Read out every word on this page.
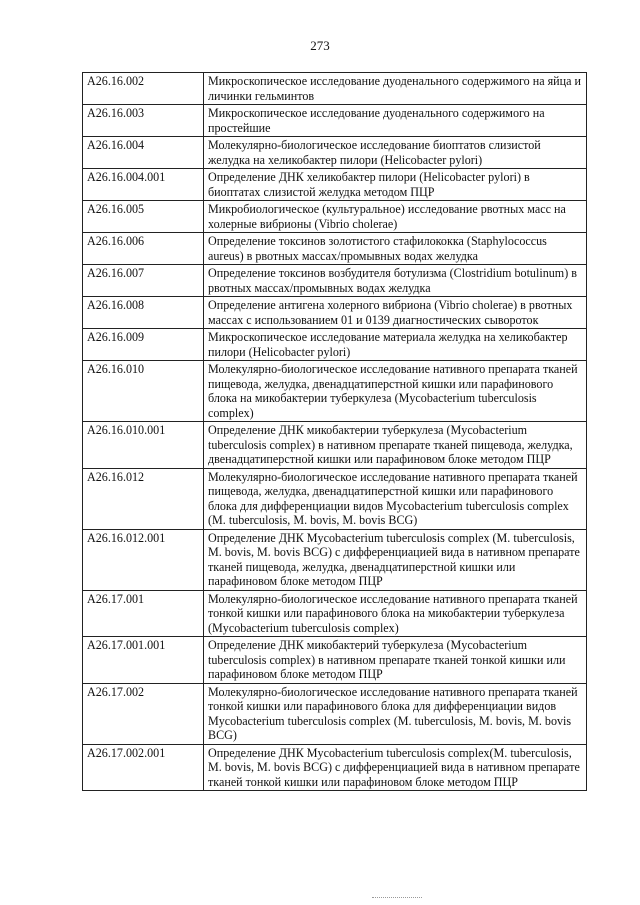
273
A26.16.002	Микроскопическое исследование дуоденального содержимого на яйца и личинки гельминтов
A26.16.003	Микроскопическое исследование дуоденального содержимого на простейшие
A26.16.004	Молекулярно-биологическое исследование биоптатов слизистой желудка на хеликобактер пилори (Helicobacter pylori)
A26.16.004.001	Определение ДНК хеликобактер пилори (Helicobacter pylori) в биоптатах слизистой желудка методом ПЦР
A26.16.005	Микробиологическое (культуральное) исследование рвотных масс на холерные вибрионы (Vibrio cholerae)
A26.16.006	Определение токсинов золотистого стафилококка (Staphylococcus aureus) в рвотных массах/промывных водах желудка
A26.16.007	Определение токсинов возбудителя ботулизма (Clostridium botulinum) в рвотных массах/промывных водах желудка
A26.16.008	Определение антигена холерного вибриона (Vibrio cholerae) в рвотных массах с использованием 01 и 0139 диагностических сывороток
A26.16.009	Микроскопическое исследование материала желудка на хеликобактер пилори (Helicobacter pylori)
A26.16.010	Молекулярно-биологическое исследование нативного препарата тканей пищевода, желудка, двенадцатиперстной кишки или парафинового блока на микобактерии туберкулеза (Mycobacterium tuberculosis complex)
A26.16.010.001	Определение ДНК микобактерии туберкулеза (Mycobacterium tuberculosis complex) в нативном препарате тканей пищевода, желудка, двенадцатиперстной кишки или парафиновом блоке методом ПЦР
A26.16.012	Молекулярно-биологическое исследование нативного препарата тканей пищевода, желудка, двенадцатиперстной кишки или парафинового блока для дифференциации видов Mycobacterium tuberculosis complex (M. tuberculosis, M. bovis, M. bovis BCG)
A26.16.012.001	Определение ДНК Mycobacterium tuberculosis complex (M. tuberculosis, M. bovis, M. bovis BCG) с дифференциацией вида в нативном препарате тканей пищевода, желудка, двенадцатиперстной кишки или парафиновом блоке методом ПЦР
A26.17.001	Молекулярно-биологическое исследование нативного препарата тканей тонкой кишки или парафинового блока на микобактерии туберкулеза (Mycobacterium tuberculosis complex)
A26.17.001.001	Определение ДНК микобактерий туберкулеза (Mycobacterium tuberculosis complex) в нативном препарате тканей тонкой кишки или парафиновом блоке методом ПЦР
A26.17.002	Молекулярно-биологическое исследование нативного препарата тканей тонкой кишки или парафинового блока для дифференциации видов Mycobacterium tuberculosis complex (M. tuberculosis, M. bovis, M. bovis BCG)
A26.17.002.001	Определение ДНК Mycobacterium tuberculosis complex(M. tuberculosis, M. bovis, M. bovis BCG) с дифференциацией вида в нативном препарате тканей тонкой кишки или парафиновом блоке методом ПЦР
